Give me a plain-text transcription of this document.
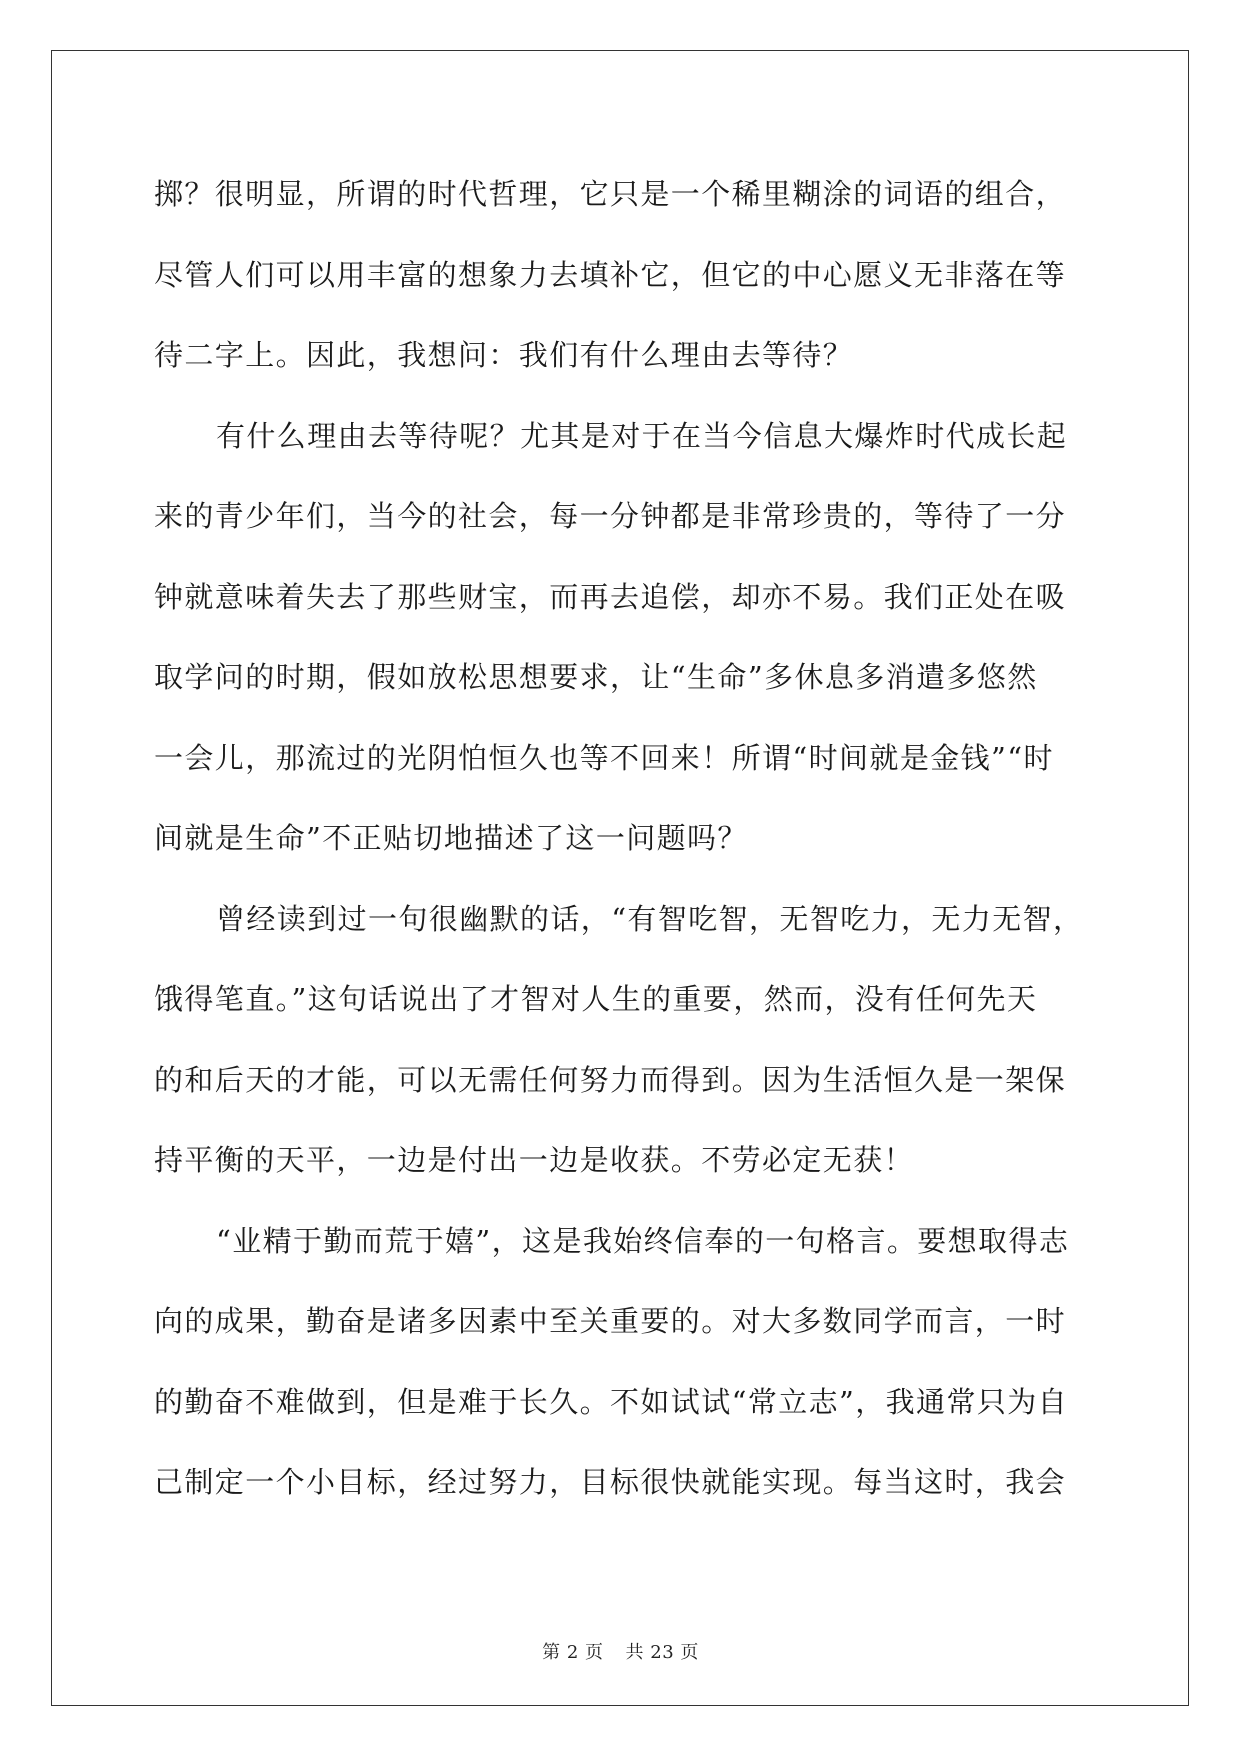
掷？很明显，所谓的时代哲理，它只是一个稀里糊涂的词语的组合，
尽管人们可以用丰富的想象力去填补它，但它的中心愿义无非落在等
待二字上。因此，我想问：我们有什么理由去等待？
有什么理由去等待呢？尤其是对于在当今信息大爆炸时代成长起
来的青少年们，当今的社会，每一分钟都是非常珍贵的，等待了一分
钟就意味着失去了那些财宝，而再去追偿，却亦不易。我们正处在吸
取学问的时期，假如放松思想要求，让“生命”多休息多消遣多悠然
一会儿，那流过的光阴怕恒久也等不回来！所谓“时间就是金钱”“时
间就是生命”不正贴切地描述了这一问题吗？
曾经读到过一句很幽默的话，“有智吃智，无智吃力，无力无智，
饿得笔直。”这句话说出了才智对人生的重要，然而，没有任何先天
的和后天的才能，可以无需任何努力而得到。因为生活恒久是一架保
持平衡的天平，一边是付出一边是收获。不劳必定无获！
“业精于勤而荒于嬉”，这是我始终信奉的一句格言。要想取得志
向的成果，勤奋是诸多因素中至关重要的。对大多数同学而言，一时
的勤奋不难做到，但是难于长久。不如试试“常立志”，我通常只为自
己制定一个小目标，经过努力，目标很快就能实现。每当这时，我会
第 2 页 共 23 页
